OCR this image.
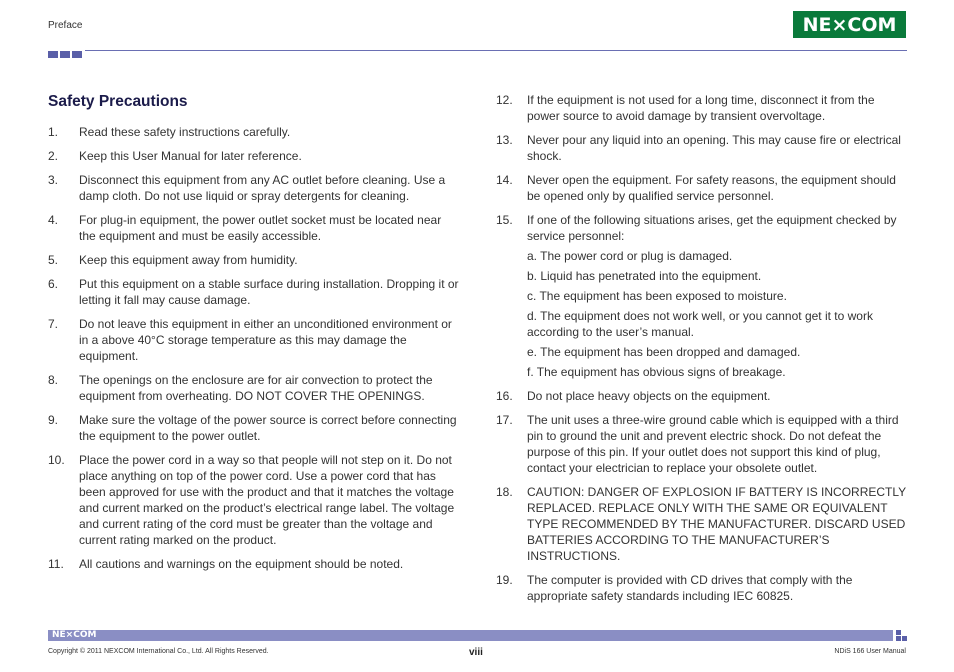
Preface	NE×COM
Safety Precautions
1.	Read these safety instructions carefully.
2.	Keep this User Manual for later reference.
3.	Disconnect this equipment from any AC outlet before cleaning. Use a damp cloth. Do not use liquid or spray detergents for cleaning.
4.	For plug-in equipment, the power outlet socket must be located near the equipment and must be easily accessible.
5.	Keep this equipment away from humidity.
6.	Put this equipment on a stable surface during installation. Dropping it or letting it fall may cause damage.
7.	Do not leave this equipment in either an unconditioned environment or in a above 40°C storage temperature as this may damage the equipment.
8.	The openings on the enclosure are for air convection to protect the equipment from overheating. DO NOT COVER THE OPENINGS.
9.	Make sure the voltage of the power source is correct before connecting the equipment to the power outlet.
10.	Place the power cord in a way so that people will not step on it. Do not place anything on top of the power cord. Use a power cord that has been approved for use with the product and that it matches the voltage and current marked on the product’s electrical range label. The voltage and current rating of the cord must be greater than the voltage and current rating marked on the product.
11.	All cautions and warnings on the equipment should be noted.
12.	If the equipment is not used for a long time, disconnect it from the power source to avoid damage by transient overvoltage.
13.	Never pour any liquid into an opening. This may cause fire or electrical shock.
14.	Never open the equipment. For safety reasons, the equipment should be opened only by qualified service personnel.
15.	If one of the following situations arises, get the equipment checked by service personnel:
a. The power cord or plug is damaged.
b. Liquid has penetrated into the equipment.
c. The equipment has been exposed to moisture.
d. The equipment does not work well, or you cannot get it to work according to the user’s manual.
e. The equipment has been dropped and damaged.
f. The equipment has obvious signs of breakage.
16.	Do not place heavy objects on the equipment.
17.	The unit uses a three-wire ground cable which is equipped with a third pin to ground the unit and prevent electric shock. Do not defeat the purpose of this pin. If your outlet does not support this kind of plug, contact your electrician to replace your obsolete outlet.
18.	CAUTION: DANGER OF EXPLOSION IF BATTERY IS INCORRECTLY REPLACED. REPLACE ONLY WITH THE SAME OR EQUIVALENT TYPE RECOMMENDED BY THE MANUFACTURER. DISCARD USED BATTERIES ACCORDING TO THE MANUFACTURER’S INSTRUCTIONS.
19.	The computer is provided with CD drives that comply with the appropriate safety standards including IEC 60825.
NE×COM
Copyright © 2011 NEXCOM International Co., Ltd. All Rights Reserved.	viii	NDiS 166 User Manual
